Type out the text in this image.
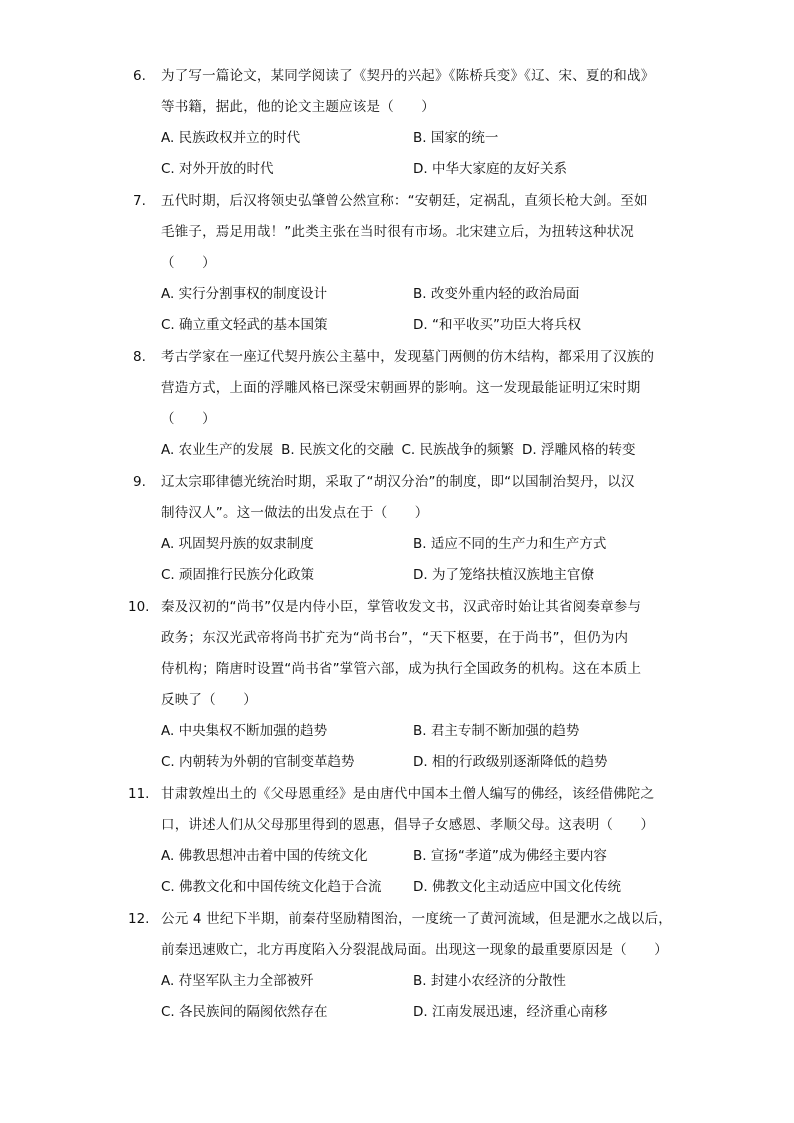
6.	为了写一篇论文，某同学阅读了《契丹的兴起》《陈桥兵变》《辽、宋、夏的和战》
等书籍，据此，他的论文主题应该是（　　）
A. 民族政权并立的时代	B. 国家的统一
C. 对外开放的时代	D. 中华大家庭的友好关系
7.	五代时期，后汉将领史弘肇曾公然宣称：“安朝廷，定祸乱，直须长枪大剑。至如
毛锥子，焉足用哉！”此类主张在当时很有市场。北宋建立后，为扭转这种状况
（　　）
A. 实行分割事权的制度设计	B. 改变外重内轻的政治局面
C. 确立重文轻武的基本国策	D. “和平收买”功臣大将兵权
8.	考古学家在一座辽代契丹族公主墓中，发现墓门两侧的仿木结构，都采用了汉族的
营造方式，上面的浮雕风格已深受宋朝画界的影响。这一发现最能证明辽宋时期
（　　）
A. 农业生产的发展 B. 民族文化的交融 C. 民族战争的频繁 D. 浮雕风格的转变
9.	辽太宗耶律德光统治时期，采取了“胡汉分治”的制度，即“以国制治契丹，以汉
制待汉人”。这一做法的出发点在于（　　）
A. 巩固契丹族的奴隶制度	B. 适应不同的生产力和生产方式
C. 顽固推行民族分化政策	D. 为了笼络扶植汉族地主官僚
10. 秦及汉初的“尚书”仅是内侍小臣，掌管收发文书，汉武帝时始让其省阅奏章参与
政务；东汉光武帝将尚书扩充为“尚书台”，“天下枢要，在于尚书”，但仍为内
侍机构；隋唐时设置“尚书省”掌管六部，成为执行全国政务的机构。这在本质上
反映了（　　）
A. 中央集权不断加强的趋势	B. 君主专制不断加强的趋势
C. 内朝转为外朝的官制变革趋势	D. 相的行政级别逐渐降低的趋势
11. 甘肃敦煌出土的《父母恩重经》是由唐代中国本土僧人编写的佛经，该经借佛陀之
口，讲述人们从父母那里得到的恩惠，倡导子女感恩、孝顺父母。这表明（　　）
A. 佛教思想冲击着中国的传统文化	B. 宣扬“孝道”成为佛经主要内容
C. 佛教文化和中国传统文化趋于合流 D. 佛教文化主动适应中国文化传统
12. 公元 4 世纪下半期，前秦苻坚励精图治，一度统一了黄河流域，但是淝水之战以后，
前秦迅速败亡，北方再度陷入分裂混战局面。出现这一现象的最重要原因是（　　）
A. 苻坚军队主力全部被歼	B. 封建小农经济的分散性
C. 各民族间的隔阂依然存在	D. 江南发展迅速，经济重心南移
